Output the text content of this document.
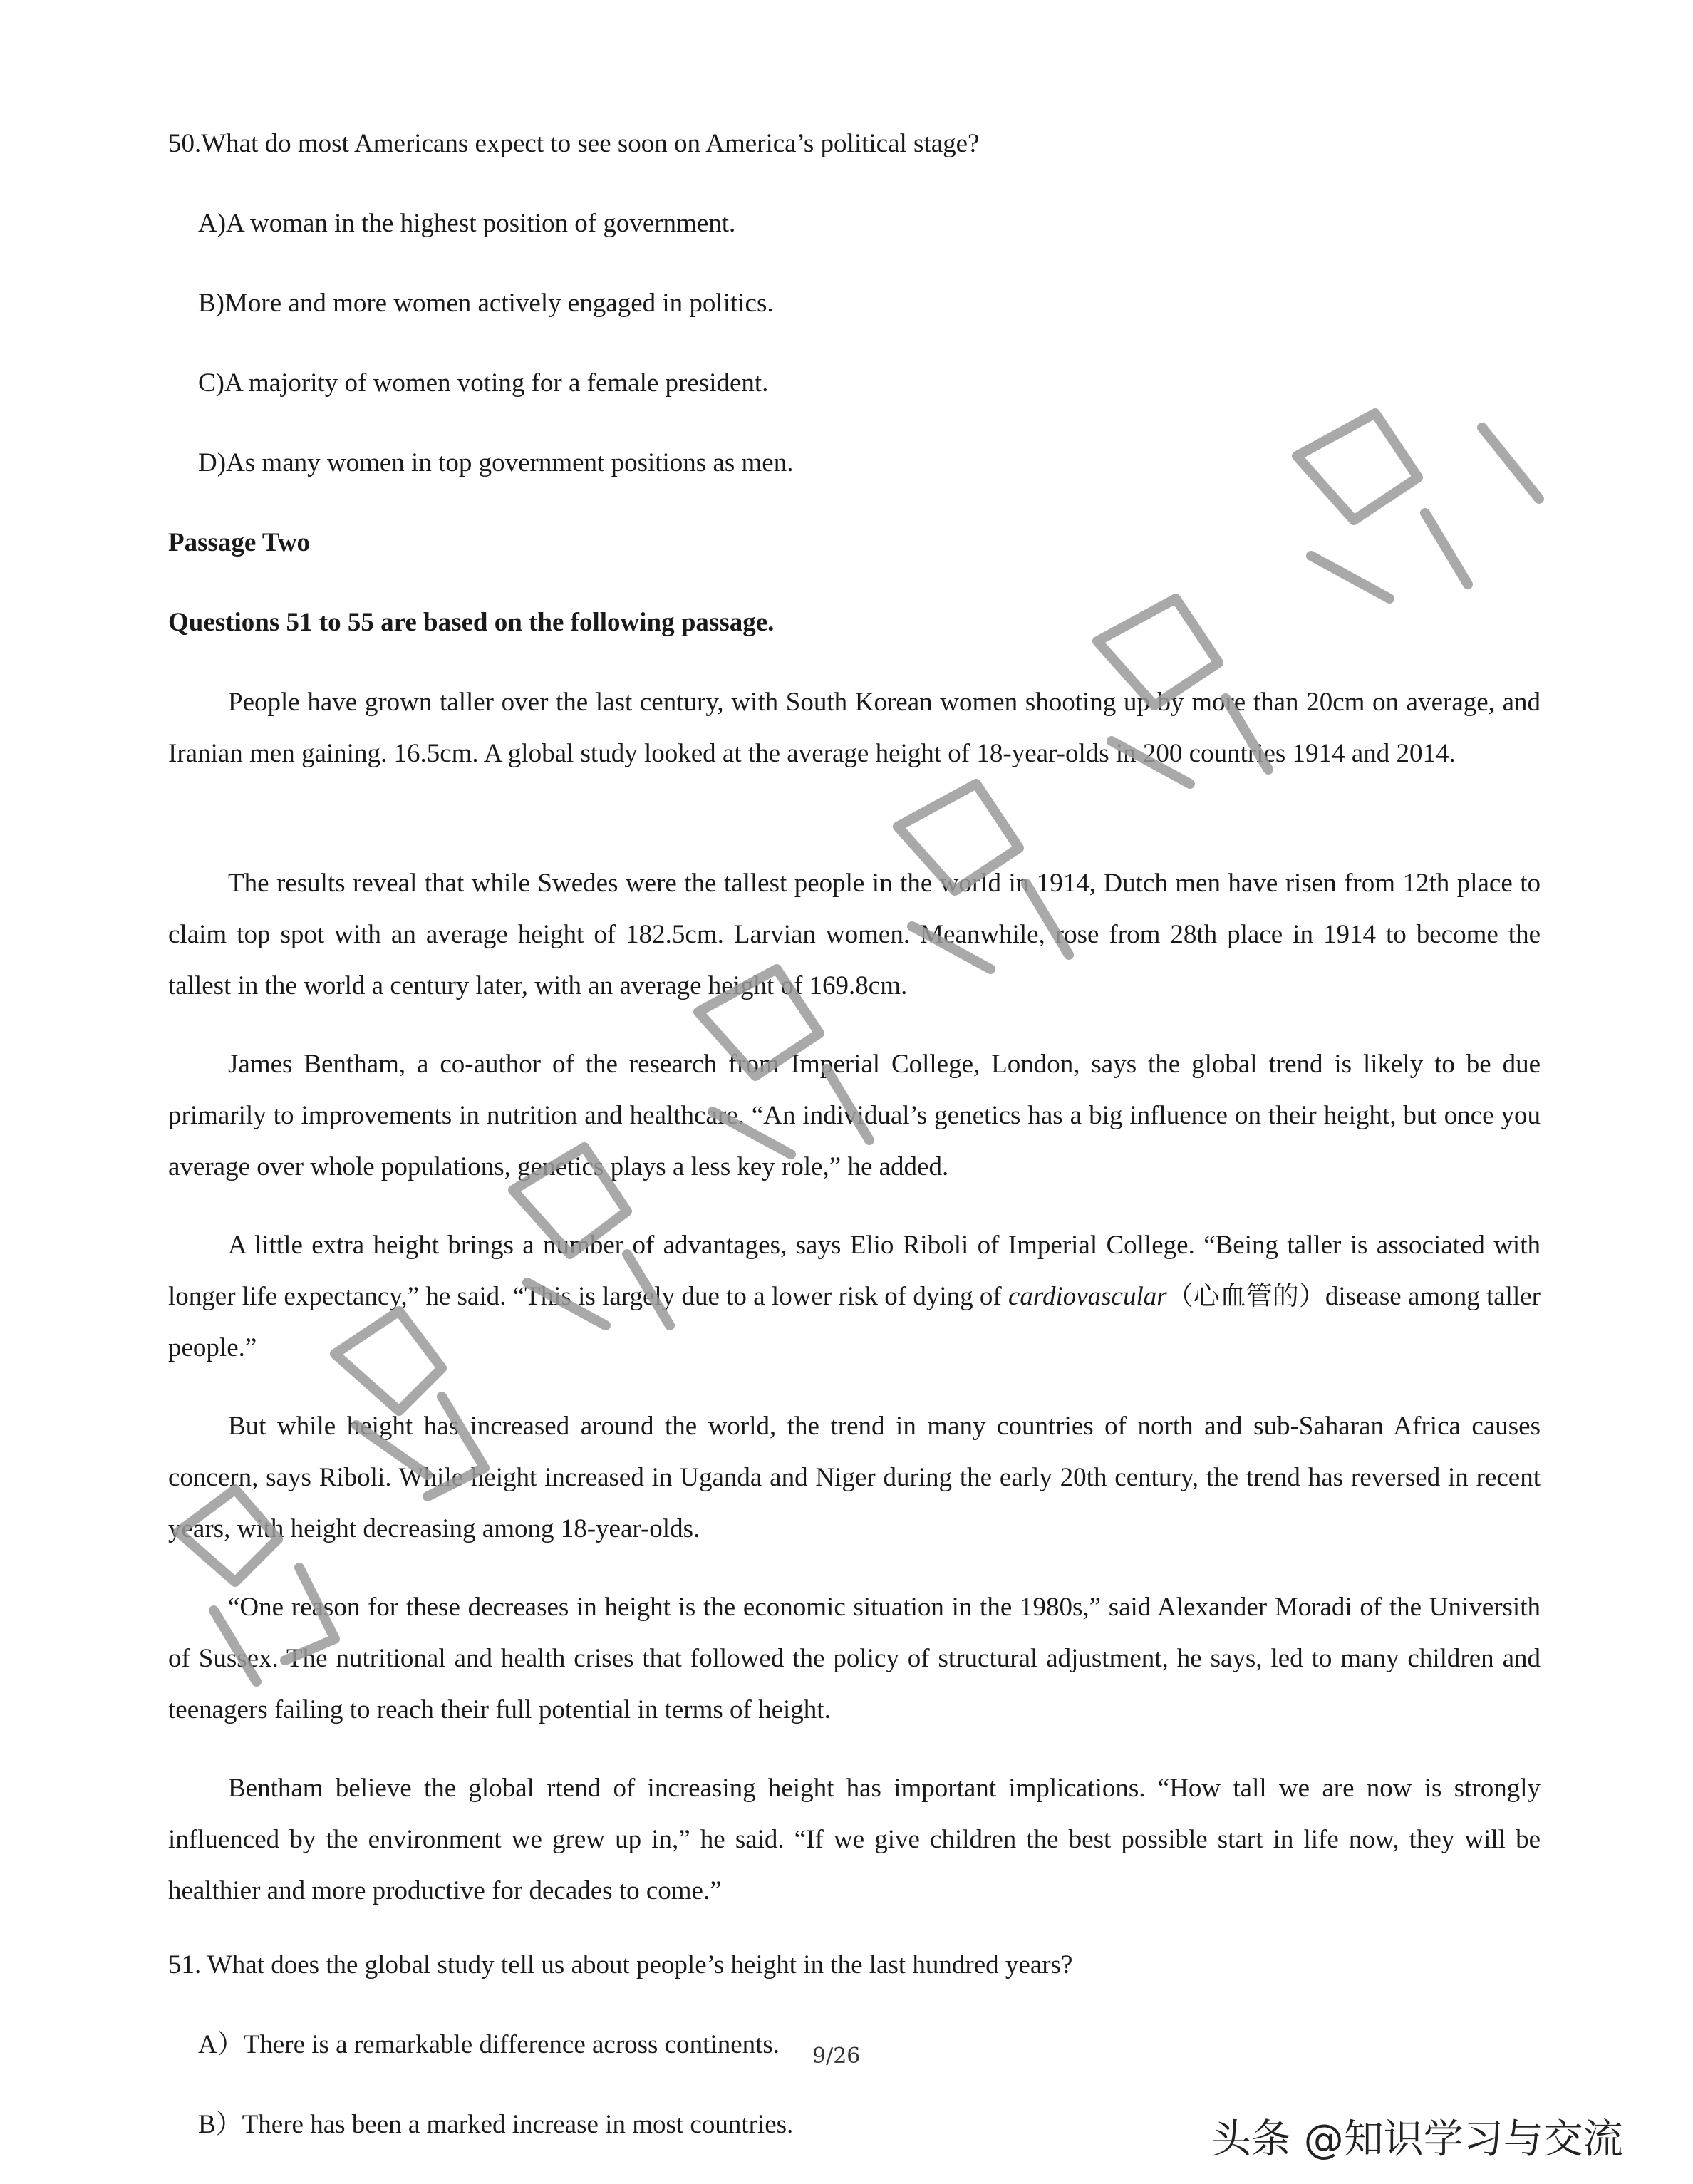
50.What do most Americans expect to see soon on America’s political stage?
A)A woman in the highest position of government.
B)More and more women actively engaged in politics.
C)A majority of women voting for a female president.
D)As many women in top government positions as men.
Passage Two
Questions 51 to 55 are based on the following passage.
People have grown taller over the last century, with South Korean women shooting up by more than 20cm on average, and Iranian men gaining. 16.5cm. A global study looked at the average height of 18-year-olds in 200 countries 1914 and 2014.
The results reveal that while Swedes were the tallest people in the world in 1914, Dutch men have risen from 12th place to claim top spot with an average height of 182.5cm. Larvian women. Meanwhile, rose from 28th place in 1914 to become the tallest in the world a century later, with an average height of 169.8cm.
James Bentham, a co-author of the research from Imperial College, London, says the global trend is likely to be due primarily to improvements in nutrition and healthcare. “An individual’s genetics has a big influence on their height, but once you average over whole populations, genetics plays a less key role,” he added.
A little extra height brings a number of advantages, says Elio Riboli of Imperial College. “Being taller is associated with longer life expectancy,” he said. “This is largely due to a lower risk of dying of cardiovascular（心血管的）disease among taller people.”
But while height has increased around the world, the trend in many countries of north and sub-Saharan Africa causes concern, says Riboli. While height increased in Uganda and Niger during the early 20th century, the trend has reversed in recent years, with height decreasing among 18-year-olds.
“One reason for these decreases in height is the economic situation in the 1980s,” said Alexander Moradi of the Universith of Sussex. The nutritional and health crises that followed the policy of structural adjustment, he says, led to many children and teenagers failing to reach their full potential in terms of height.
Bentham believe the global rtend of increasing height has important implications. “How tall we are now is strongly influenced by the environment we grew up in,” he said. “If we give children the best possible start in life now, they will be healthier and more productive for decades to come.”
51. What does the global study tell us about people’s height in the last hundred years?
A）There is a remarkable difference across continents.
B）There has been a marked increase in most countries.
9/26
头条 @知识学习与交流
